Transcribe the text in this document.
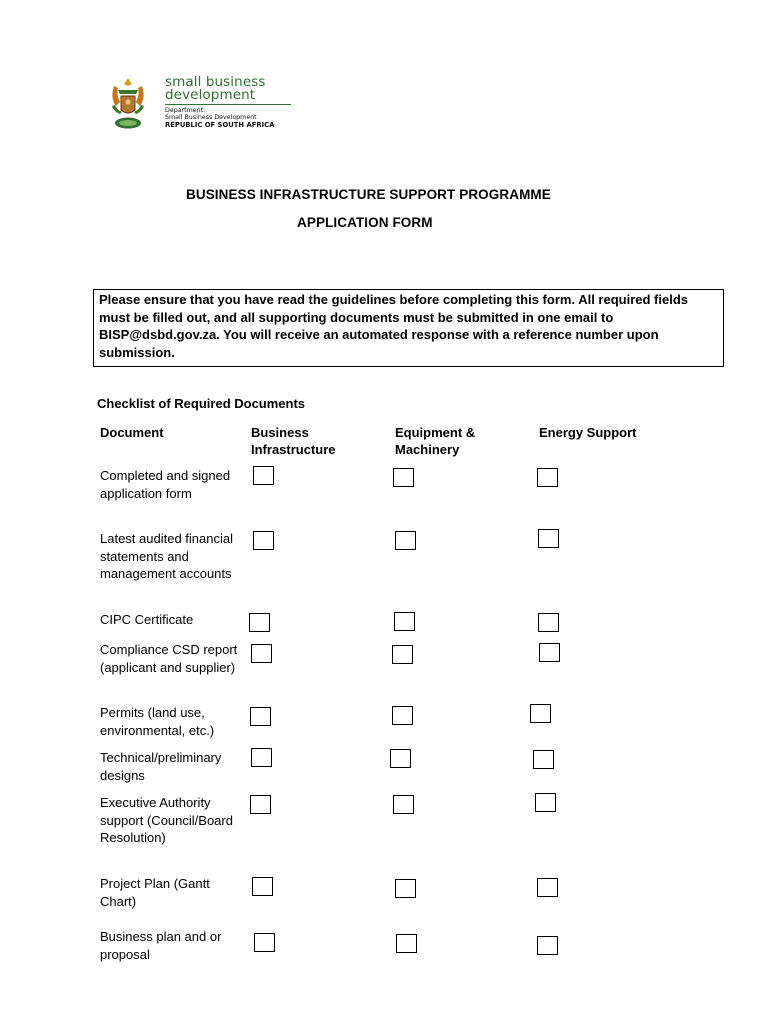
small business
development
Department:
Small Business Development
REPUBLIC OF SOUTH AFRICA
BUSINESS INFRASTRUCTURE SUPPORT PROGRAMME
APPLICATION FORM
Please ensure that you have read the guidelines before completing this form. All required fields must be filled out, and all supporting documents must be submitted in one email to BISP@dsbd.gov.za. You will receive an automated response with a reference number upon submission.
Checklist of Required Documents
Document	Business Infrastructure
Equipment & Machinery
Energy Support
Completed and signed application form
Latest audited financial statements and management accounts
CIPC Certificate
Compliance CSD report (applicant and supplier)
Permits (land use, environmental, etc.)
Technical/preliminary designs
Executive Authority support (Council/Board Resolution)
Project Plan (Gantt Chart)
Business plan and or proposal
